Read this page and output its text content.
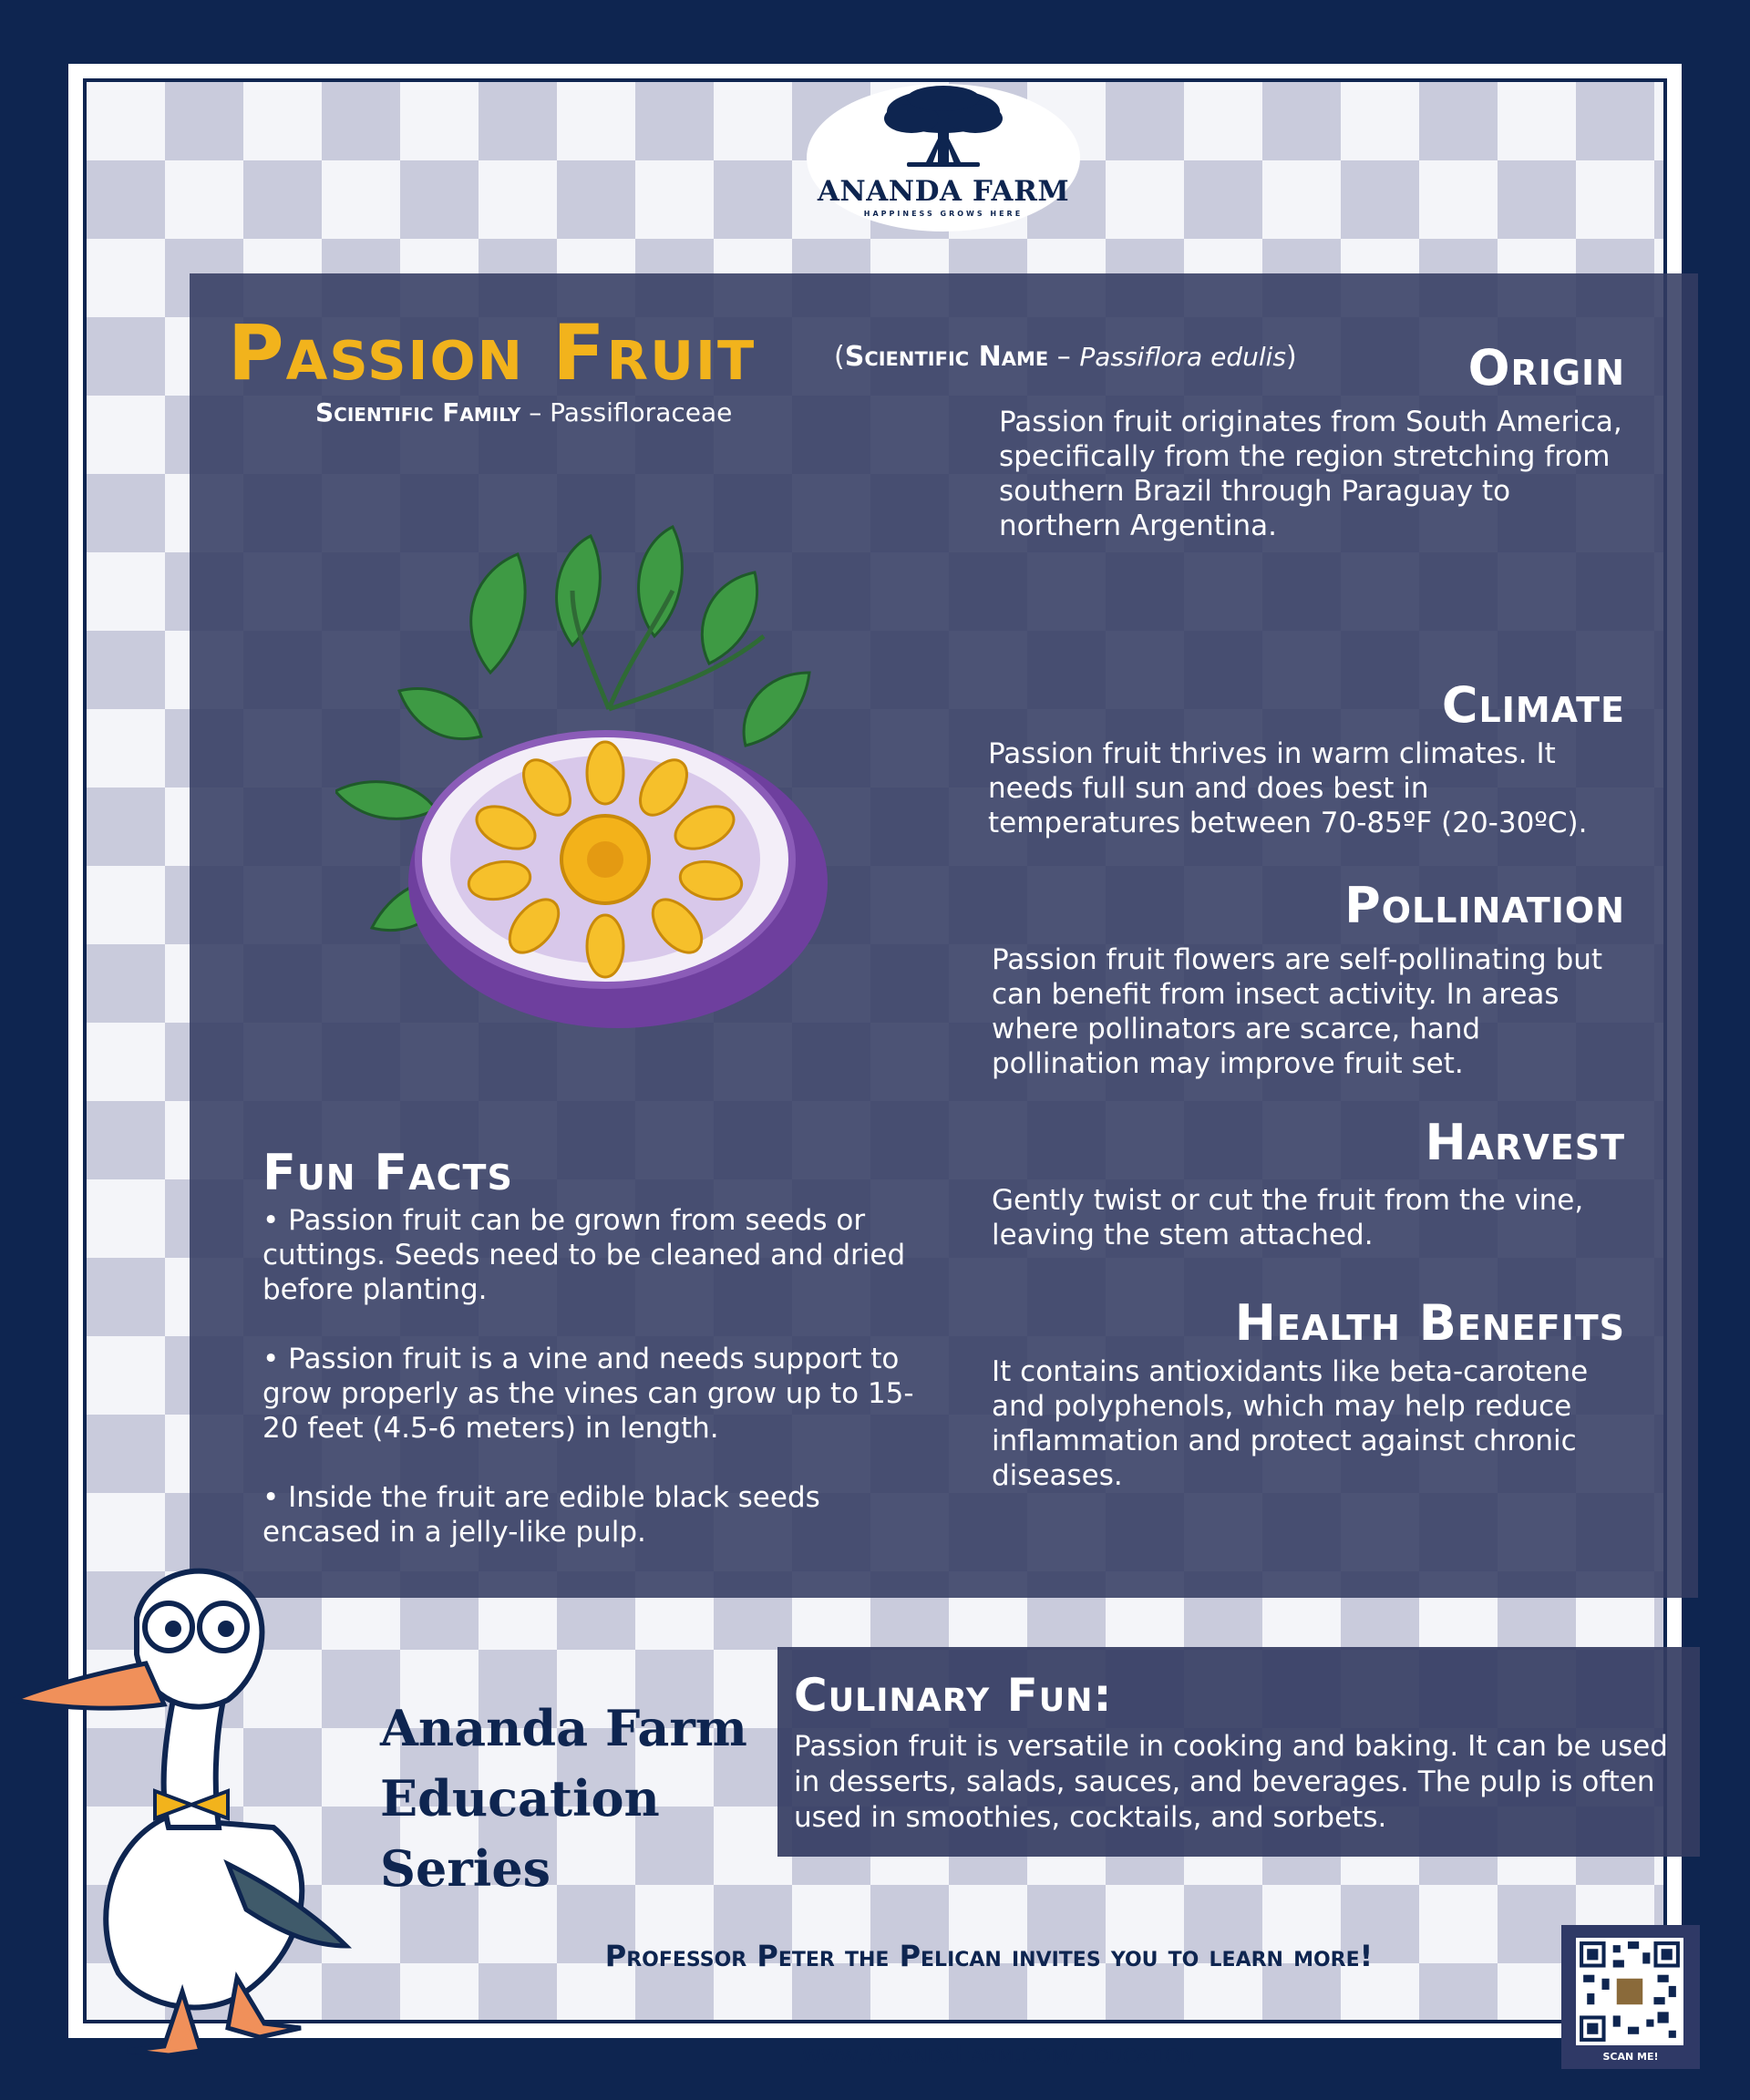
ANANDA FARM
HAPPINESS GROWS HERE
Passion Fruit	(Scientific Name – Passiflora edulis)
Scientific Family – Passifloraceae
Origin
Passion fruit originates from South America, specifically from the region stretching from southern Brazil through Paraguay to northern Argentina.
Climate
Passion fruit thrives in warm climates. It needs full sun and does best in temperatures between 70-85ºF (20-30ºC).
Pollination
Passion fruit flowers are self-pollinating but can benefit from insect activity. In areas where pollinators are scarce, hand pollination may improve fruit set.
Harvest
Gently twist or cut the fruit from the vine, leaving the stem attached.
Health Benefits
It contains antioxidants like beta-carotene and polyphenols, which may help reduce inflammation and protect against chronic diseases.
Fun Facts
• Passion fruit can be grown from seeds or cuttings. Seeds need to be cleaned and dried before planting.
• Passion fruit is a vine and needs support to grow properly as the vines can grow up to 15-20 feet (4.5-6 meters) in length.
• Inside the fruit are edible black seeds encased in a jelly-like pulp.
Ananda Farm
Education
Series
Culinary Fun:
Passion fruit is versatile in cooking and baking. It can be used in desserts, salads, sauces, and beverages. The pulp is often used in smoothies, cocktails, and sorbets.
Professor Peter the Pelican invites you to learn more!
www.AnandaFarm.com/Education	SCAN ME!
